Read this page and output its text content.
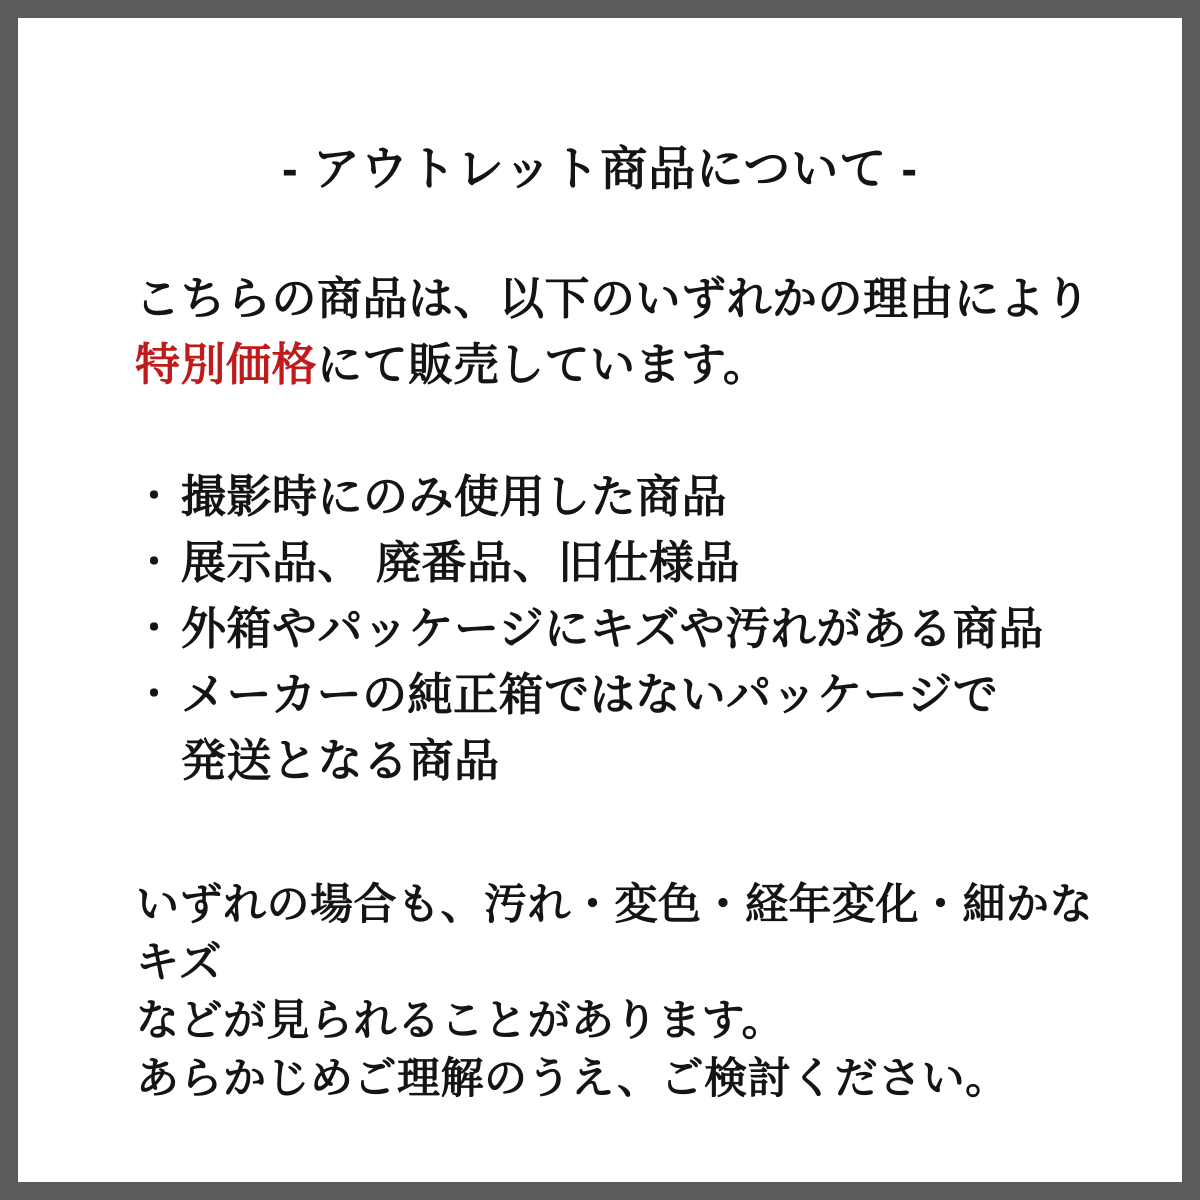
- アウトレット商品について -

こちらの商品は、以下のいずれかの理由により
特別価格にて販売しています。

・ 撮影時にのみ使用した商品
・ 展示品、 廃番品、旧仕様品
・ 外箱やパッケージにキズや汚れがある商品
・ メーカーの純正箱ではないパッケージで
発送となる商品

いずれの場合も、汚れ・変色・経年変化・細かなキズ
などが見られることがあります。
あらかじめご理解のうえ、ご検討ください。
